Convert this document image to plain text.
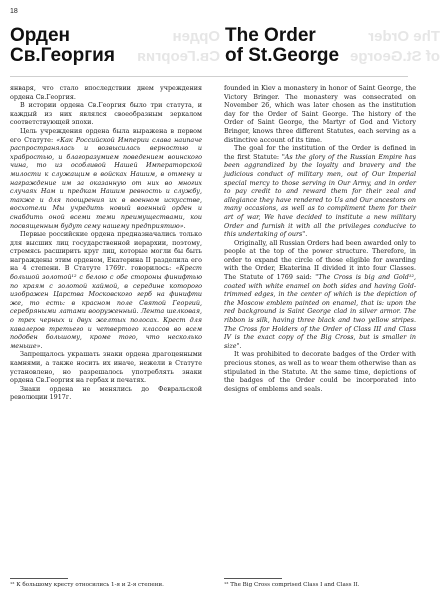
18
Орден
Св.Георгия
The Order
of St.George
Орден
Св.Георгия
The Order
of St.George

января, что стало впоследствии днем учреждения ордена Св.Георгия.

В истории ордена Св.Георгия было три статута, и каждый из них являлся своеобразным зеркалом соответствующей эпохи.

Цель учреждения ордена была выражена в первом его Статуте: «Как Российской Империи слава наипаче распространялась и возвысилась верностью и храбростью, и благоразумием поведением воинского чина, то из особливой Нашей Императорской милости к служащим в войсках Нашим, в отмену и награждение им за оказанную от них во многих случаях Нам и предкам Нашим ревность и службу, также и для поощрения их в военном искусстве, восхотели Мы учредить новый военный орден и снабдить оной всеми теми преимуществами, кои посвященным будут сему нашему предприятию».

Первые российские ордена предназначались только для высших лиц государственной иерархии, поэтому, стремясь расширить круг лиц, которые могли бы быть награждены этим орденом, Екатерина II разделила его на 4 степени. В Статуте 1769г. говорилось: «Крест большой золотой¹² с белою с обе стороны финифтью по краям с золотой каймой, в середине которого изображен Царства Московского герб на финифти же, то есть: в красном поле Святой Георгий, серебряными латами вооруженный. Лента шелковая, о трех черных и двух желтых полосах. Крест для кавалеров третьего и четвертого классов во всем подобен большому, кроме того, что несколько меньше».

Запрещалось украшать знаки ордена драгоценными камнями, а также носить их иначе, нежели в Статуте установлено, но разрешалось употреблять знаки ордена Св.Георгия на гербах и печатях.

Знаки ордена не менялись до Февральской революции 1917г.

founded in Kiev a monastery in honor of Saint George, the Victory Bringer. The monastery was consecrated on November 26, which was later chosen as the institution day for the Order of Saint George. The history of the Order of Saint George, the Martyr of God and Victory Bringer, knows three different Statutes, each serving as a distinctive account of its time.

The goal for the institution of the Order is defined in the first Statute: "As the glory of the Russian Empire has been aggrandized by the loyalty and bravery and the judicious conduct of military men, out of Our Imperial special mercy to those serving in Our Army, and in order to pay credit to and reward them for their zeal and allegiance they have rendered to Us and Our ancestors on many occasions, as well as to compliment them for their art of war, We have decided to institute a new military Order and furnish it with all the privileges conducive to this undertaking of ours".

Originally, all Russian Orders had been awarded only to people at the top of the power structure. Therefore, in order to expand the circle of those eligible for awarding with the Order, Ekaterina II divided it into four Classes. The Statute of 1769 said: "The Cross is big and Gold¹², coated with white enamel on both sides and having Gold-trimmed edges, in the center of which is the depiction of the Moscow emblem painted on enamel, that is: upon the red background is Saint George clad in silver armor. The ribbon is silk, having three black and two yellow stripes. The Cross for Holders of the Order of Class III and Class IV is the exact copy of the Big Cross, but is smaller in size".

It was prohibited to decorate badges of the Order with precious stones, as well as to wear them otherwise than as stipulated in the Statute. At the same time, depictions of the badges of the Order could be incorporated into designs of emblems and seals.

¹² К большому кресту относились 1-я и 2-я степени.	¹² The Big Cross comprised Class I and Class II.
